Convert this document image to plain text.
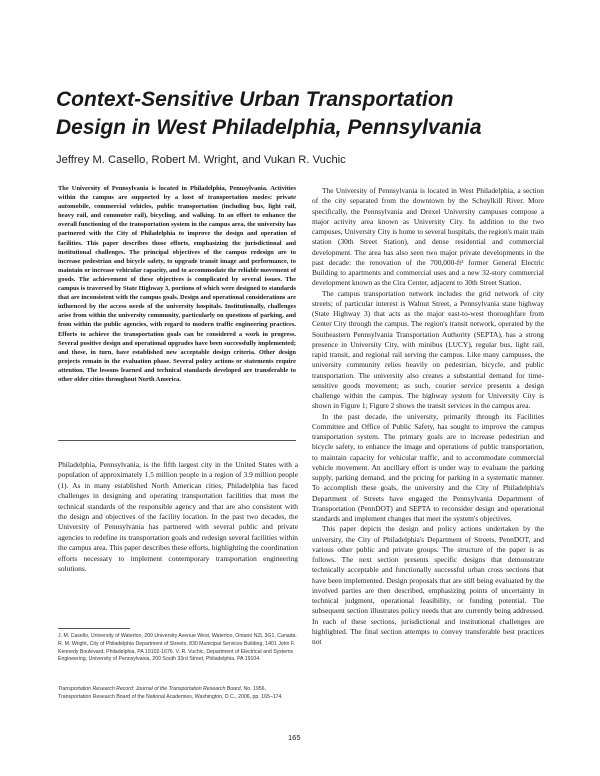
Context-Sensitive Urban Transportation
Design in West Philadelphia, Pennsylvania
Jeffrey M. Casello, Robert M. Wright, and Vukan R. Vuchic

The University of Pennsylvania is located in Philadelphia, Pennsylvania. Activities within the campus are supported by a host of transportation modes: private automobile, commercial vehicles, public transportation (including bus, light rail, heavy rail, and commuter rail), bicycling, and walking. In an effort to enhance the overall functioning of the transportation system in the campus area, the university has partnered with the City of Philadelphia to improve the design and operation of facilities. This paper describes those efforts, emphasizing the jurisdictional and institutional challenges. The principal objectives of the campus redesign are to increase pedestrian and bicycle safety, to upgrade transit image and performance, to maintain or increase vehicular capacity, and to accommodate the reliable movement of goods. The achievement of these objectives is complicated by several issues. The campus is traversed by State Highway 3, portions of which were designed to standards that are inconsistent with the campus goals. Design and operational considerations are influenced by the access needs of the university hospitals. Institutionally, challenges arise from within the university community, particularly on questions of parking, and from within the public agencies, with regard to modern traffic engineering practices. Efforts to achieve the transportation goals can be considered a work in progress. Several positive design and operational upgrades have been successfully implemented; and these, in turn, have established new acceptable design criteria. Other design projects remain in the evaluation phase. Several policy actions or statements require attention. The lessons learned and technical standards developed are transferable to other older cities throughout North America.

Philadelphia, Pennsylvania, is the fifth largest city in the United States with a population of approximately 1.5 million people in a region of 3.9 million people (1). As in many established North American cities, Philadelphia has faced challenges in designing and operating transportation facilities that meet the technical standards of the responsible agency and that are also consistent with the design and objectives of the facility location. In the past two decades, the University of Pennsylvania has partnered with several public and private agencies to redefine its transportation goals and redesign several facilities within the campus area. This paper describes these efforts, highlighting the coordination efforts necessary to implement contemporary transportation engineering solutions.

J. M. Casello, University of Waterloo, 200 University Avenue West, Waterloo, Ontario N2L 3G1, Canada. R. M. Wright, City of Philadelphia Department of Streets, 830 Municipal Services Building, 1401 John F. Kennedy Boulevard, Philadelphia, PA 19102-1676. V. R. Vuchic, Department of Electrical and Systems Engineering, University of Pennsylvania, 200 South 33rd Street, Philadelphia, PA 19104.

Transportation Research Record: Journal of the Transportation Research Board, No. 1956, Transportation Research Board of the National Academies, Washington, D.C., 2006, pp. 165–174.

The University of Pennsylvania is located in West Philadelphia, a section of the city separated from the downtown by the Schuylkill River. More specifically, the Pennsylvania and Drexel University campuses compose a major activity area known as University City. In addition to the two campuses, University City is home to several hospitals, the region's main train station (30th Street Station), and dense residential and commercial development. The area has also seen two major private developments in the past decade: the renovation of the 700,000-ft² former General Electric Building to apartments and commercial uses and a new 32-story commercial development known as the Cira Center, adjacent to 30th Street Station.

The campus transportation network includes the grid network of city streets; of particular interest is Walnut Street, a Pennsylvania state highway (State Highway 3) that acts as the major east-to-west thoroughfare from Center City through the campus. The region's transit network, operated by the Southeastern Pennsylvania Transportation Authority (SEPTA), has a strong presence in University City, with minibus (LUCY), regular bus, light rail, rapid transit, and regional rail serving the campus. Like many campuses, the university community relies heavily on pedestrian, bicycle, and public transportation. The university also creates a substantial demand for time-sensitive goods movement; as such, courier service presents a design challenge within the campus. The highway system for University City is shown in Figure 1; Figure 2 shows the transit services in the campus area.

In the past decade, the university, primarily through its Facilities Committee and Office of Public Safety, has sought to improve the campus transportation system. The primary goals are to increase pedestrian and bicycle safety, to enhance the image and operations of public transportation, to maintain capacity for vehicular traffic, and to accommodate commercial vehicle movement. An ancillary effort is under way to evaluate the parking supply, parking demand, and the pricing for parking in a systematic manner. To accomplish these goals, the university and the City of Philadelphia's Department of Streets have engaged the Pennsylvania Department of Transportation (PennDOT) and SEPTA to reconsider design and operational standards and implement changes that meet the system's objectives.

This paper depicts the design and policy actions undertaken by the university, the City of Philadelphia's Department of Streets, PennDOT, and various other public and private groups. The structure of the paper is as follows. The next section presents specific designs that demonstrate technically acceptable and functionally successful urban cross sections that have been implemented. Design proposals that are still being evaluated by the involved parties are then described, emphasizing points of uncertainty in technical judgment, operational feasibility, or funding potential. The subsequent section illustrates policy needs that are currently being addressed. In each of these sections, jurisdictional and institutional challenges are highlighted. The final section attempts to convey transferable best practices not

165
